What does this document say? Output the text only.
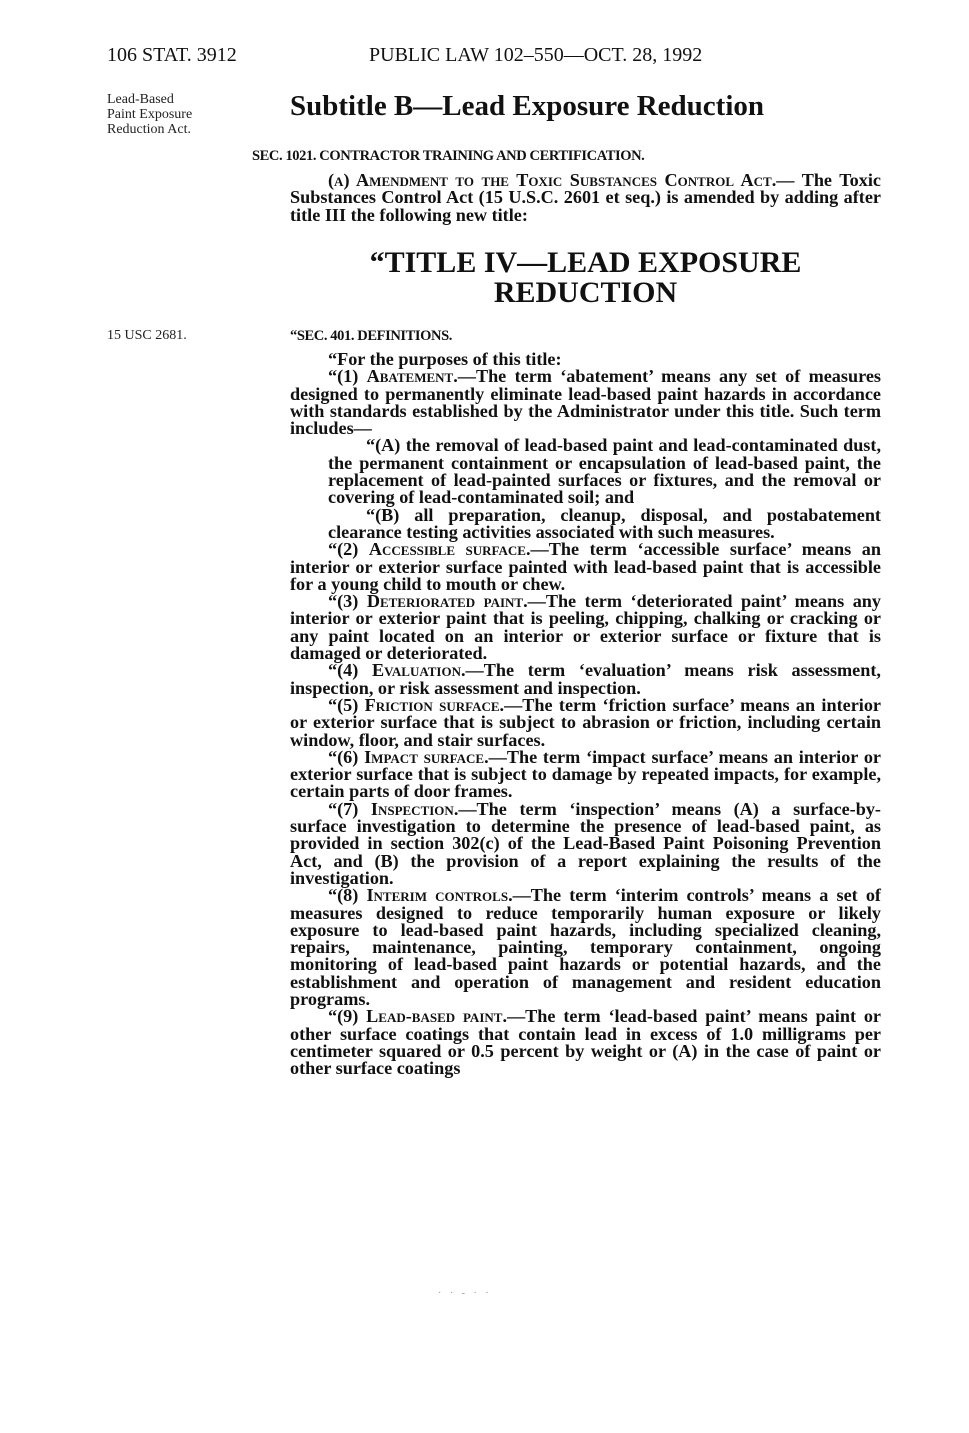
106 STAT. 3912	PUBLIC LAW 102–550—OCT. 28, 1992
Lead-Based
Paint Exposure
Reduction Act.
15 USC 2681.
Subtitle B—Lead Exposure Reduction
SEC. 1021. CONTRACTOR TRAINING AND CERTIFICATION.

(a) Amendment to the Toxic Substances Control Act.— The Toxic Substances Control Act (15 U.S.C. 2601 et seq.) is amended by adding after title III the following new title:

“TITLE IV—LEAD EXPOSURE
REDUCTION
“SEC. 401. DEFINITIONS.

“For the purposes of this title:

“(1) Abatement.—The term ‘abatement’ means any set of measures designed to permanently eliminate lead-based paint hazards in accordance with standards established by the Administrator under this title. Such term includes—

“(A) the removal of lead-based paint and lead-contaminated dust, the permanent containment or encapsulation of lead-based paint, the replacement of lead-painted surfaces or fixtures, and the removal or covering of lead-contaminated soil; and

“(B) all preparation, cleanup, disposal, and postabatement clearance testing activities associated with such measures.

“(2) Accessible surface.—The term ‘accessible surface’ means an interior or exterior surface painted with lead-based paint that is accessible for a young child to mouth or chew.

“(3) Deteriorated paint.—The term ‘deteriorated paint’ means any interior or exterior paint that is peeling, chipping, chalking or cracking or any paint located on an interior or exterior surface or fixture that is damaged or deteriorated.

“(4) Evaluation.—The term ‘evaluation’ means risk assessment, inspection, or risk assessment and inspection.

“(5) Friction surface.—The term ‘friction surface’ means an interior or exterior surface that is subject to abrasion or friction, including certain window, floor, and stair surfaces.

“(6) Impact surface.—The term ‘impact surface’ means an interior or exterior surface that is subject to damage by repeated impacts, for example, certain parts of door frames.

“(7) Inspection.—The term ‘inspection’ means (A) a surface-by-surface investigation to determine the presence of lead-based paint, as provided in section 302(c) of the Lead-Based Paint Poisoning Prevention Act, and (B) the provision of a report explaining the results of the investigation.

“(8) Interim controls.—The term ‘interim controls’ means a set of measures designed to reduce temporarily human exposure or likely exposure to lead-based paint hazards, including specialized cleaning, repairs, maintenance, painting, temporary containment, ongoing monitoring of lead-based paint hazards or potential hazards, and the establishment and operation of management and resident education programs.

“(9) Lead-based paint.—The term ‘lead-based paint’ means paint or other surface coatings that contain lead in excess of 1.0 milligrams per centimeter squared or 0.5 percent by weight or (A) in the case of paint or other surface coatings

· · - · ·
